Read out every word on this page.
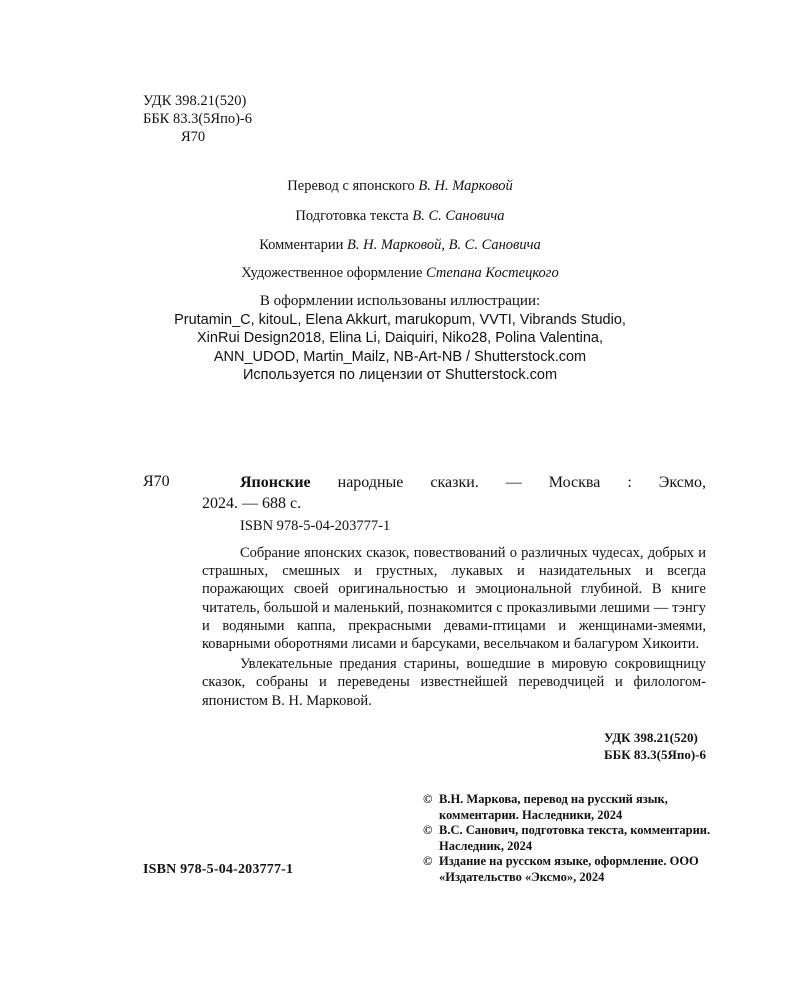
УДК 398.21(520)
ББК 83.3(5Япо)-6
Я70
Перевод с японского В. Н. Марковой
Подготовка текста В. С. Сановича
Комментарии В. Н. Марковой, В. С. Сановича
Художественное оформление Степана Костецкого
В оформлении использованы иллюстрации:
Prutamin_C, kitouL, Elena Akkurt, marukopum, VVTI, Vibrands Studio,
XinRui Design2018, Elina Li, Daiquiri, Niko28, Polina Valentina,
ANN_UDOD, Martin_Mailz, NB-Art-NB / Shutterstock.com
Используется по лицензии от Shutterstock.com
Я70	Японские народные сказки. — Москва : Эксмо,
2024. — 688 с.
ISBN 978-5-04-203777-1

Собрание японских сказок, повествований о различных чудесах, добрых и страшных, смешных и грустных, лукавых и назидательных и всегда поражающих своей оригинальностью и эмоциональной глубиной. В книге читатель, большой и маленький, познакомится с проказливыми лешими — тэнгу и водяными каппа, прекрасными девами-птицами и женщинами-змеями, коварными оборотнями лисами и барсуками, весельчаком и балагуром Хикоити.

Увлекательные предания старины, вошедшие в мировую сокровищницу сказок, собраны и переведены известнейшей переводчицей и филологом-японистом В. Н. Марковой.

УДК 398.21(520)
ББК 83.3(5Япо)-6
© В.Н. Маркова, перевод на русский язык, комментарии. Наследники, 2024
© В.С. Санович, подготовка текста, комментарии. Наследник, 2024
© Издание на русском языке, оформление. ООО «Издательство «Эксмо», 2024
ISBN 978-5-04-203777-1
